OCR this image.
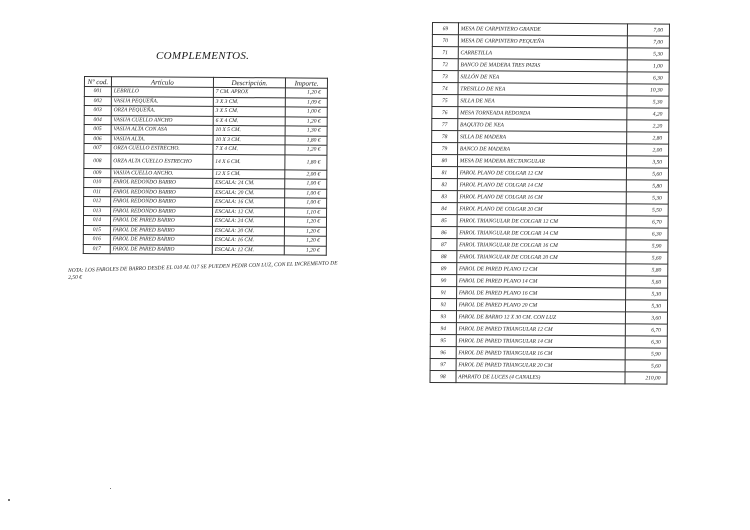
COMPLEMENTOS.
Nº cod.	Artículo	Descripción.	Importe.
001	LEBRILLO	7 CM. APROX	1,20 €
002	VASIJA PEQUEÑA.	3 X 3 CM.	1,09 €
003	ORZA PEQUEÑA.	3 X 5 CM.	1,00 €
004	VASIJA CUELLO ANCHO	6 X 4 CM.	1,20 €
005	VASIJA ALTA CON ASA	10 X 5 CM.	1,30 €
006	VASIJA ALTA.	10 X 3 CM.	1,80 €
007	ORZA CUELLO ESTRECHO.	7 X 4 CM.	1,20 €
008	ORZA ALTA CUELLO ESTRECHO	14 X 6 CM.	1,80 €
009	VASIJA CUELLO ANCHO.	12 X 5 CM.	2,00 €
010	FAROL REDONDO BARRO	ESCALA: 24 CM.	1,00 €
011	FAROL REDONDO BARRO	ESCALA: 20 CM.	1,00 €
012	FAROL REDONDO BARRO	ESCALA: 16 CM.	1,00 €
013	FAROL REDONDO BARRO	ESCALA: 12 CM.	1,10 €
014	FAROL DE PARED BARRO	ESCALA: 24 CM.	1,20 €
015	FAROL DE PARED BARRO	ESCALA: 20 CM.	1,20 €
016	FAROL DE PARED BARRO	ESCALA: 16 CM.	1,20 €
017	FAROL DE PARED BARRO	ESCALA: 12 CM.	1,20 €
NOTA: LOS FAROLES DE BARRO DESDE EL 010 AL 017 SE PUEDEN PEDIR CON LUZ, CON EL INCREMENTO DE 2,50 €
69	MESA DE CARPINTERO GRANDE	7,00
70	MESA DE CARPINTERO PEQUEÑA	7,00
71	CARRETILLA	5,30
72	BANCO DE MADERA TRES PATAS	1,00
73	SILLÓN DE NEA	6,30
74	TRESILLO DE NEA	10,30
75	SILLA DE NEA	5,30
76	MESA TORNEADA REDONDA	4,20
77	BAQUITO DE NEA	2,20
78	SILLA DE MADERA	2,80
79	BANCO DE MADERA	2,00
80	MESA DE MADERA RECTANGULAR	3,50
81	FAROL PLANO DE COLGAR 12 CM	5,60
82	FAROL PLANO DE COLGAR 14 CM	5,80
83	FAROL PLANO DE COLGAR 16 CM	5,30
84	FAROL PLANO DE COLGAR 20 CM	5,50
85	FAROL TRIANGULAR DE COLGAR 12 CM	6,70
86	FAROL TRIANGULAR DE COLGAR 14 CM	6,30
87	FAROL TRIANGULAR DE COLGAR 16 CM	5,90
88	FAROL TRIANGULAR DE COLGAR 20 CM	5,60
89	FAROL DE PARED PLANO 12 CM	5,80
90	FAROL DE PARED PLANO 14 CM	5,60
91	FAROL DE PARED PLANO 16 CM	5,30
92	FAROL DE PARED PLANO 20 CM	5,30
93	FAROL DE BARRO 12 X 30 CM. CON LUZ	3,60
94	FAROL DE PARED TRIANGULAR 12 CM	6,70
95	FAROL DE PARED TRIANGULAR 14 CM	6,30
96	FAROL DE PARED TRIANGULAR 16 CM	5,90
97	FAROL DE PARED TRIANGULAR 20 CM	5,60
98	APARATO DE LUCES (4 CANALES)	210,00
